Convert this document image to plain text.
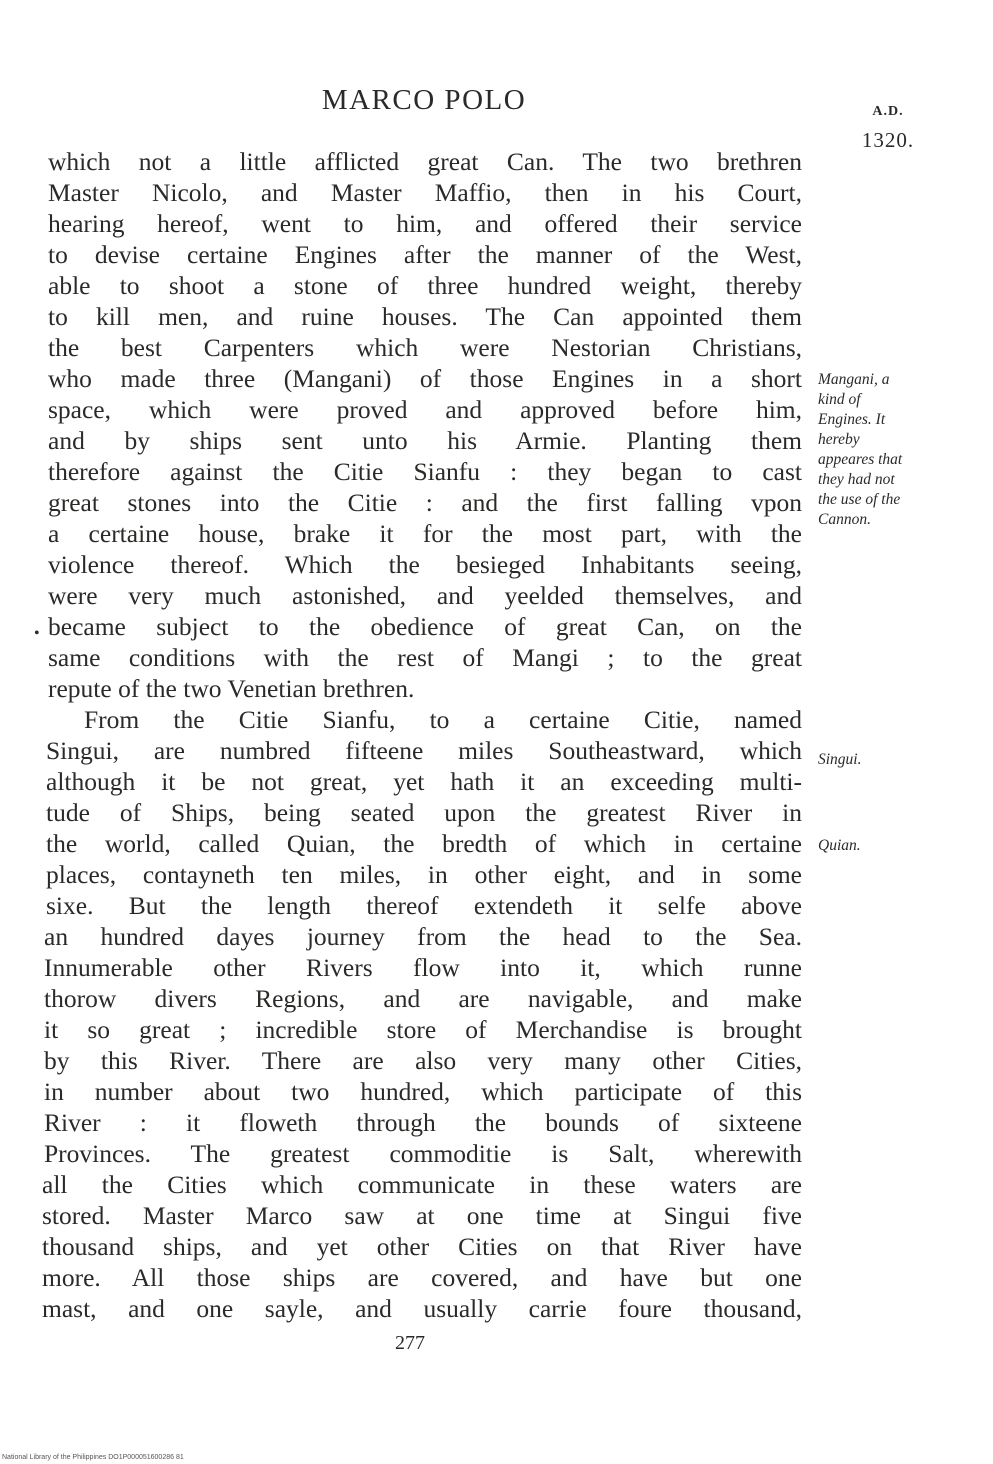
MARCO POLO	A.D.
1320.
which not a little afflicted great Can. The two brethren
Master Nicolo, and Master Maffio, then in his Court,
hearing hereof, went to him, and offered their service
to devise certaine Engines after the manner of the West,
able to shoot a stone of three hundred weight, thereby
to kill men, and ruine houses. The Can appointed them
the best Carpenters which were Nestorian Christians,
who made three (Mangani) of those Engines in a short
space, which were proved and approved before him,
and by ships sent unto his Armie. Planting them
therefore against the Citie Sianfu : they began to cast
great stones into the Citie : and the first falling vpon
a certaine house, brake it for the most part, with the
violence thereof. Which the besieged Inhabitants seeing,
were very much astonished, and yeelded themselves, and
became subject to the obedience of great Can, on the
same conditions with the rest of Mangi ; to the great
repute of the two Venetian brethren.
From the Citie Sianfu, to a certaine Citie, named
Singui, are numbred fifteene miles Southeastward, which
although it be not great, yet hath it an exceeding multi-
tude of Ships, being seated upon the greatest River in
the world, called Quian, the bredth of which in certaine
places, contayneth ten miles, in other eight, and in some
sixe. But the length thereof extendeth it selfe above
an hundred dayes journey from the head to the Sea.
Innumerable other Rivers flow into it, which runne
thorow divers Regions, and are navigable, and make
it so great ; incredible store of Merchandise is brought
by this River. There are also very many other Cities,
in number about two hundred, which participate of this
River : it floweth through the bounds of sixteene
Provinces. The greatest commoditie is Salt, wherewith
all the Cities which communicate in these waters are
stored. Master Marco saw at one time at Singui five
thousand ships, and yet other Cities on that River have
more. All those ships are covered, and have but one
mast, and one sayle, and usually carrie foure thousand,
•
Mangani, a
kind of
Engines. It
hereby
appeares that
they had not
the use of the
Cannon.
Singui.
Quian.
277
National Library of the Philippines DO1P000051600286 81
